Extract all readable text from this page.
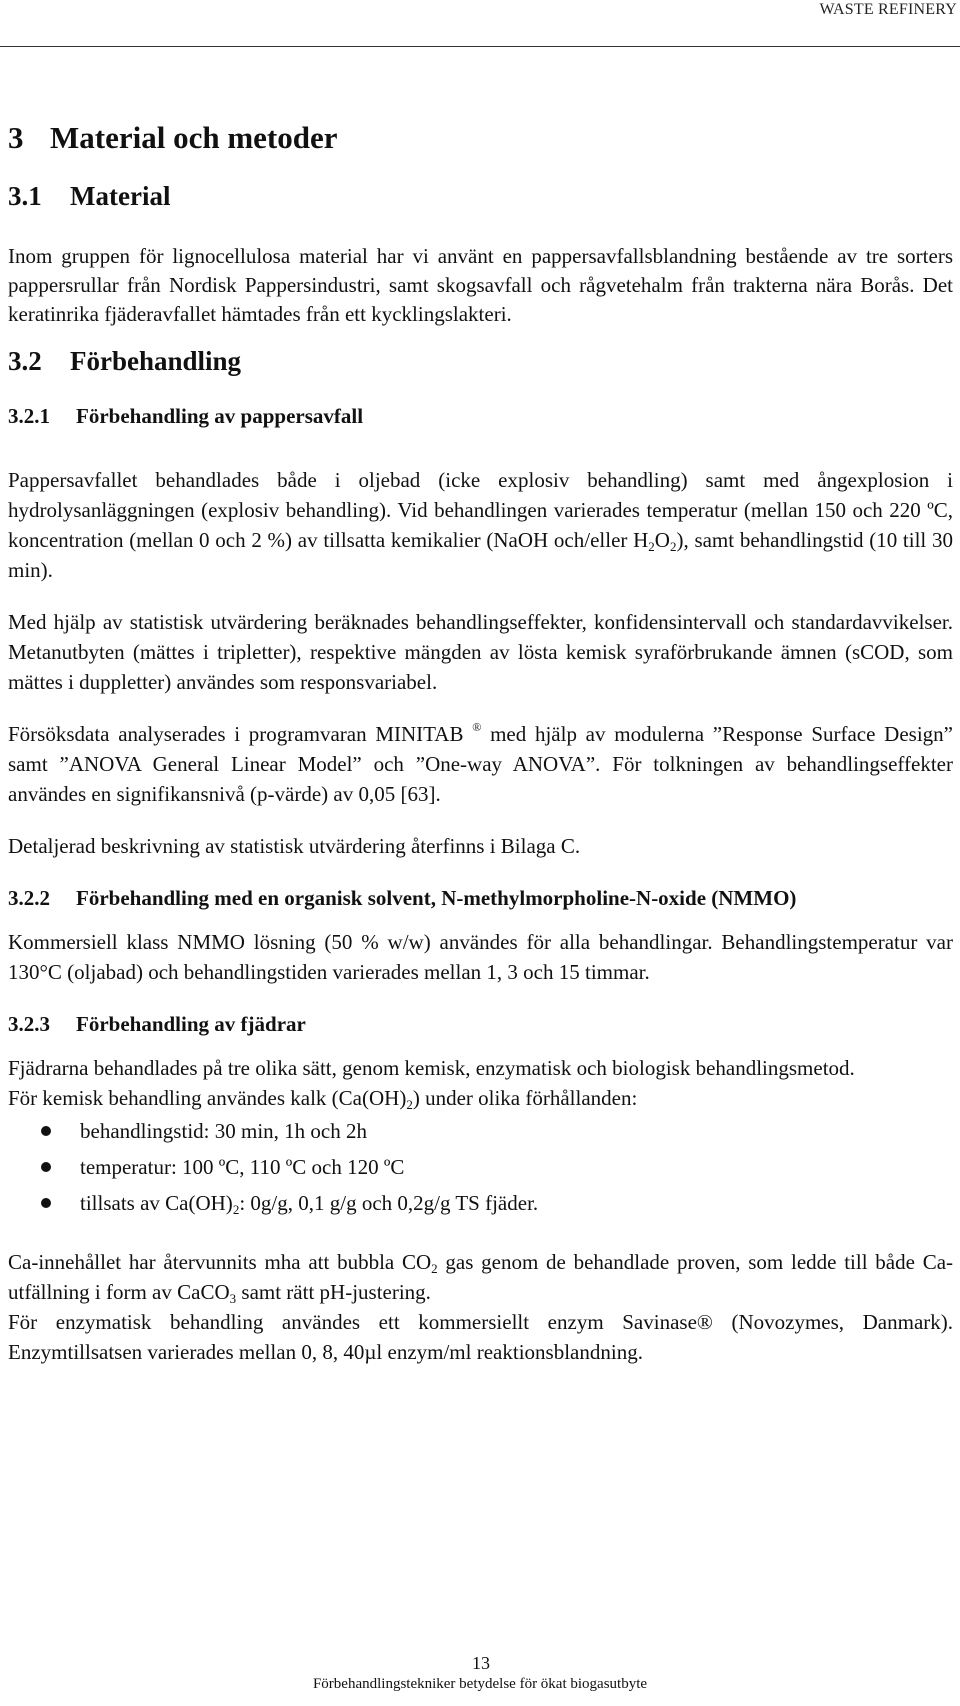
WASTE REFINERY
3 Material och metoder
3.1 Material

Inom gruppen för lignocellulosa material har vi använt en pappersavfallsblandning bestående av tre sorters pappersrullar från Nordisk Pappersindustri, samt skogsavfall och rågvetehalm från trakterna nära Borås. Det keratinrika fjäderavfallet hämtades från ett kycklingslakteri.

3.2 Förbehandling
3.2.1 Förbehandling av pappersavfall

Pappersavfallet behandlades både i oljebad (icke explosiv behandling) samt med ångexplosion i hydrolysanläggningen (explosiv behandling). Vid behandlingen varierades temperatur (mellan 150 och 220 ºC, koncentration (mellan 0 och 2 %) av tillsatta kemikalier (NaOH och/eller $H_2O_2$), samt behandlingstid (10 till 30 min).

Med hjälp av statistisk utvärdering beräknades behandlingseffekter, konfidensintervall och standardavvikelser. Metanutbyten (mättes i tripletter), respektive mängden av lösta kemisk syraförbrukande ämnen (sCOD, som mättes i duppletter) användes som responsvariabel.

Försöksdata analyserades i programvaran MINITAB ® med hjälp av modulerna ”Response Surface Design” samt ”ANOVA General Linear Model” och ”One-way ANOVA”. För tolkningen av behandlingseffekter användes en signifikansnivå (p-värde) av 0,05 [63].

Detaljerad beskrivning av statistisk utvärdering återfinns i Bilaga C.

3.2.2	Förbehandling med en organisk solvent, N-methylmorpholine-N-oxide (NMMO)

Kommersiell klass NMMO lösning (50 % w/w) användes för alla behandlingar. Behandlingstemperatur var 130°C (oljabad) och behandlingstiden varierades mellan 1, 3 och 15 timmar.

3.2.3 Förbehandling av fjädrar

Fjädrarna behandlades på tre olika sätt, genom kemisk, enzymatisk och biologisk behandlingsmetod.

För kemisk behandling användes kalk $(Ca(OH)_2)$ under olika förhållanden:

behandlingstid: 30 min, 1h och 2h
temperatur: 100 ºC, 110 ºC och 120 ºC
tillsats av $Ca(OH)_2$: 0g/g, 0,1 g/g och 0,2g/g TS fjäder.

Ca-innehållet har återvunnits mha att bubbla $CO_2$ gas genom de behandlade proven, som ledde till både Ca-utfällning i form av CaCO$_3$ samt rätt pH-justering.

För enzymatisk behandling användes ett kommersiellt enzym Savinase® (Novozymes, Danmark). Enzymtillsatsen varierades mellan 0, 8, 40µl enzym/ml reaktionsblandning.

13
Förbehandlingstekniker betydelse för ökat biogasutbyte
